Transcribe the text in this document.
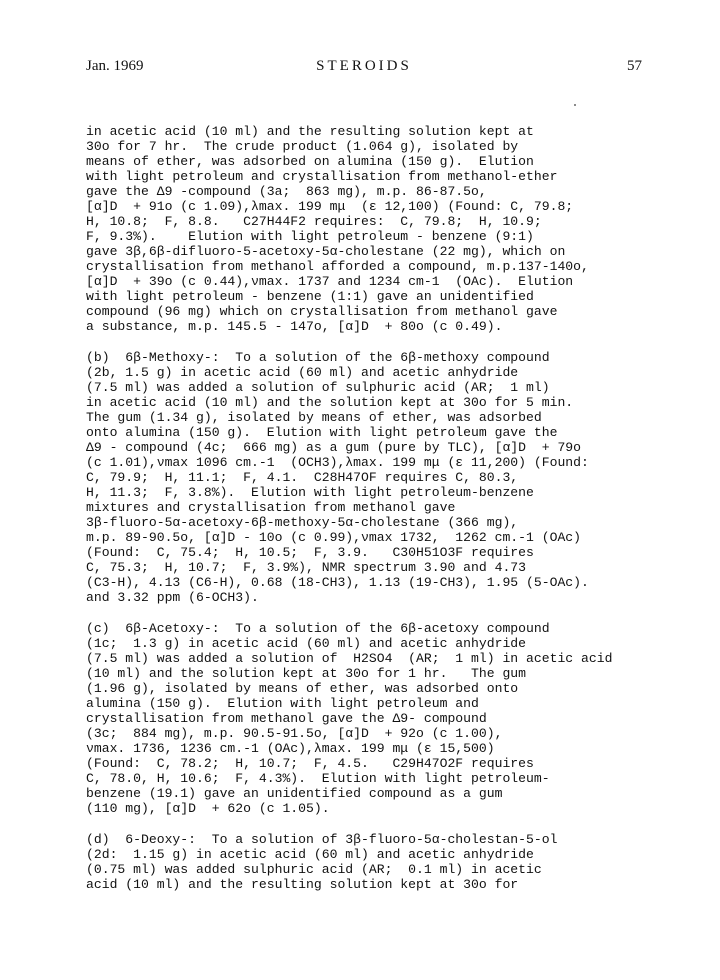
Jan. 1969	STEROIDS	57
in acetic acid (10 ml) and the resulting solution kept at
30o for 7 hr.  The crude product (1.064 g), isolated by
means of ether, was adsorbed on alumina (150 g).  Elution
with light petroleum and crystallisation from methanol-ether
gave the Δ9 -compound (3a;  863 mg), m.p. 86-87.5o,
[α]D  + 91o (c 1.09),λmax. 199 mμ  (ε 12,100) (Found: C, 79.8;
H, 10.8;  F, 8.8.   C27H44F2 requires:  C, 79.8;  H, 10.9;
F, 9.3%).    Elution with light petroleum - benzene (9:1)
gave 3β,6β-difluoro-5-acetoxy-5α-cholestane (22 mg), which on
crystallisation from methanol afforded a compound, m.p.137-140o,
[α]D  + 39o (c 0.44),νmax. 1737 and 1234 cm-1  (OAc).  Elution
with light petroleum - benzene (1:1) gave an unidentified
compound (96 mg) which on crystallisation from methanol gave
a substance, m.p. 145.5 - 147o, [α]D  + 80o (c 0.49).
(b)  6β-Methoxy-:  To a solution of the 6β-methoxy compound
(2b, 1.5 g) in acetic acid (60 ml) and acetic anhydride
(7.5 ml) was added a solution of sulphuric acid (AR;  1 ml)
in acetic acid (10 ml) and the solution kept at 30o for 5 min.
The gum (1.34 g), isolated by means of ether, was adsorbed
onto alumina (150 g).  Elution with light petroleum gave the
Δ9 - compound (4c;  666 mg) as a gum (pure by TLC), [α]D  + 79o
(c 1.01),νmax 1096 cm.-1  (OCH3),λmax. 199 mμ (ε 11,200) (Found:
C, 79.9;  H, 11.1;  F, 4.1.  C28H47OF requires C, 80.3,
H, 11.3;  F, 3.8%).  Elution with light petroleum-benzene
mixtures and crystallisation from methanol gave
3β-fluoro-5α-acetoxy-6β-methoxy-5α-cholestane (366 mg),
m.p. 89-90.5o, [α]D - 10o (c 0.99),νmax 1732,  1262 cm.-1 (OAc)
(Found:  C, 75.4;  H, 10.5;  F, 3.9.   C30H51O3F requires
C, 75.3;  H, 10.7;  F, 3.9%), NMR spectrum 3.90 and 4.73
(C3-H), 4.13 (C6-H), 0.68 (18-CH3), 1.13 (19-CH3), 1.95 (5-OAc).
and 3.32 ppm (6-OCH3).
(c)  6β-Acetoxy-:  To a solution of the 6β-acetoxy compound
(1c;  1.3 g) in acetic acid (60 ml) and acetic anhydride
(7.5 ml) was added a solution of  H2SO4  (AR;  1 ml) in acetic acid
(10 ml) and the solution kept at 30o for 1 hr.   The gum
(1.96 g), isolated by means of ether, was adsorbed onto
alumina (150 g).  Elution with light petroleum and
crystallisation from methanol gave the Δ9- compound
(3c;  884 mg), m.p. 90.5-91.5o, [α]D  + 92o (c 1.00),
νmax. 1736, 1236 cm.-1 (OAc),λmax. 199 mμ (ε 15,500)
(Found:  C, 78.2;  H, 10.7;  F, 4.5.   C29H47O2F requires
C, 78.0, H, 10.6;  F, 4.3%).  Elution with light petroleum-
benzene (19.1) gave an unidentified compound as a gum
(110 mg), [α]D  + 62o (c 1.05).
(d)  6-Deoxy-:  To a solution of 3β-fluoro-5α-cholestan-5-ol
(2d:  1.15 g) in acetic acid (60 ml) and acetic anhydride
(0.75 ml) was added sulphuric acid (AR;  0.1 ml) in acetic
acid (10 ml) and the resulting solution kept at 30o for
